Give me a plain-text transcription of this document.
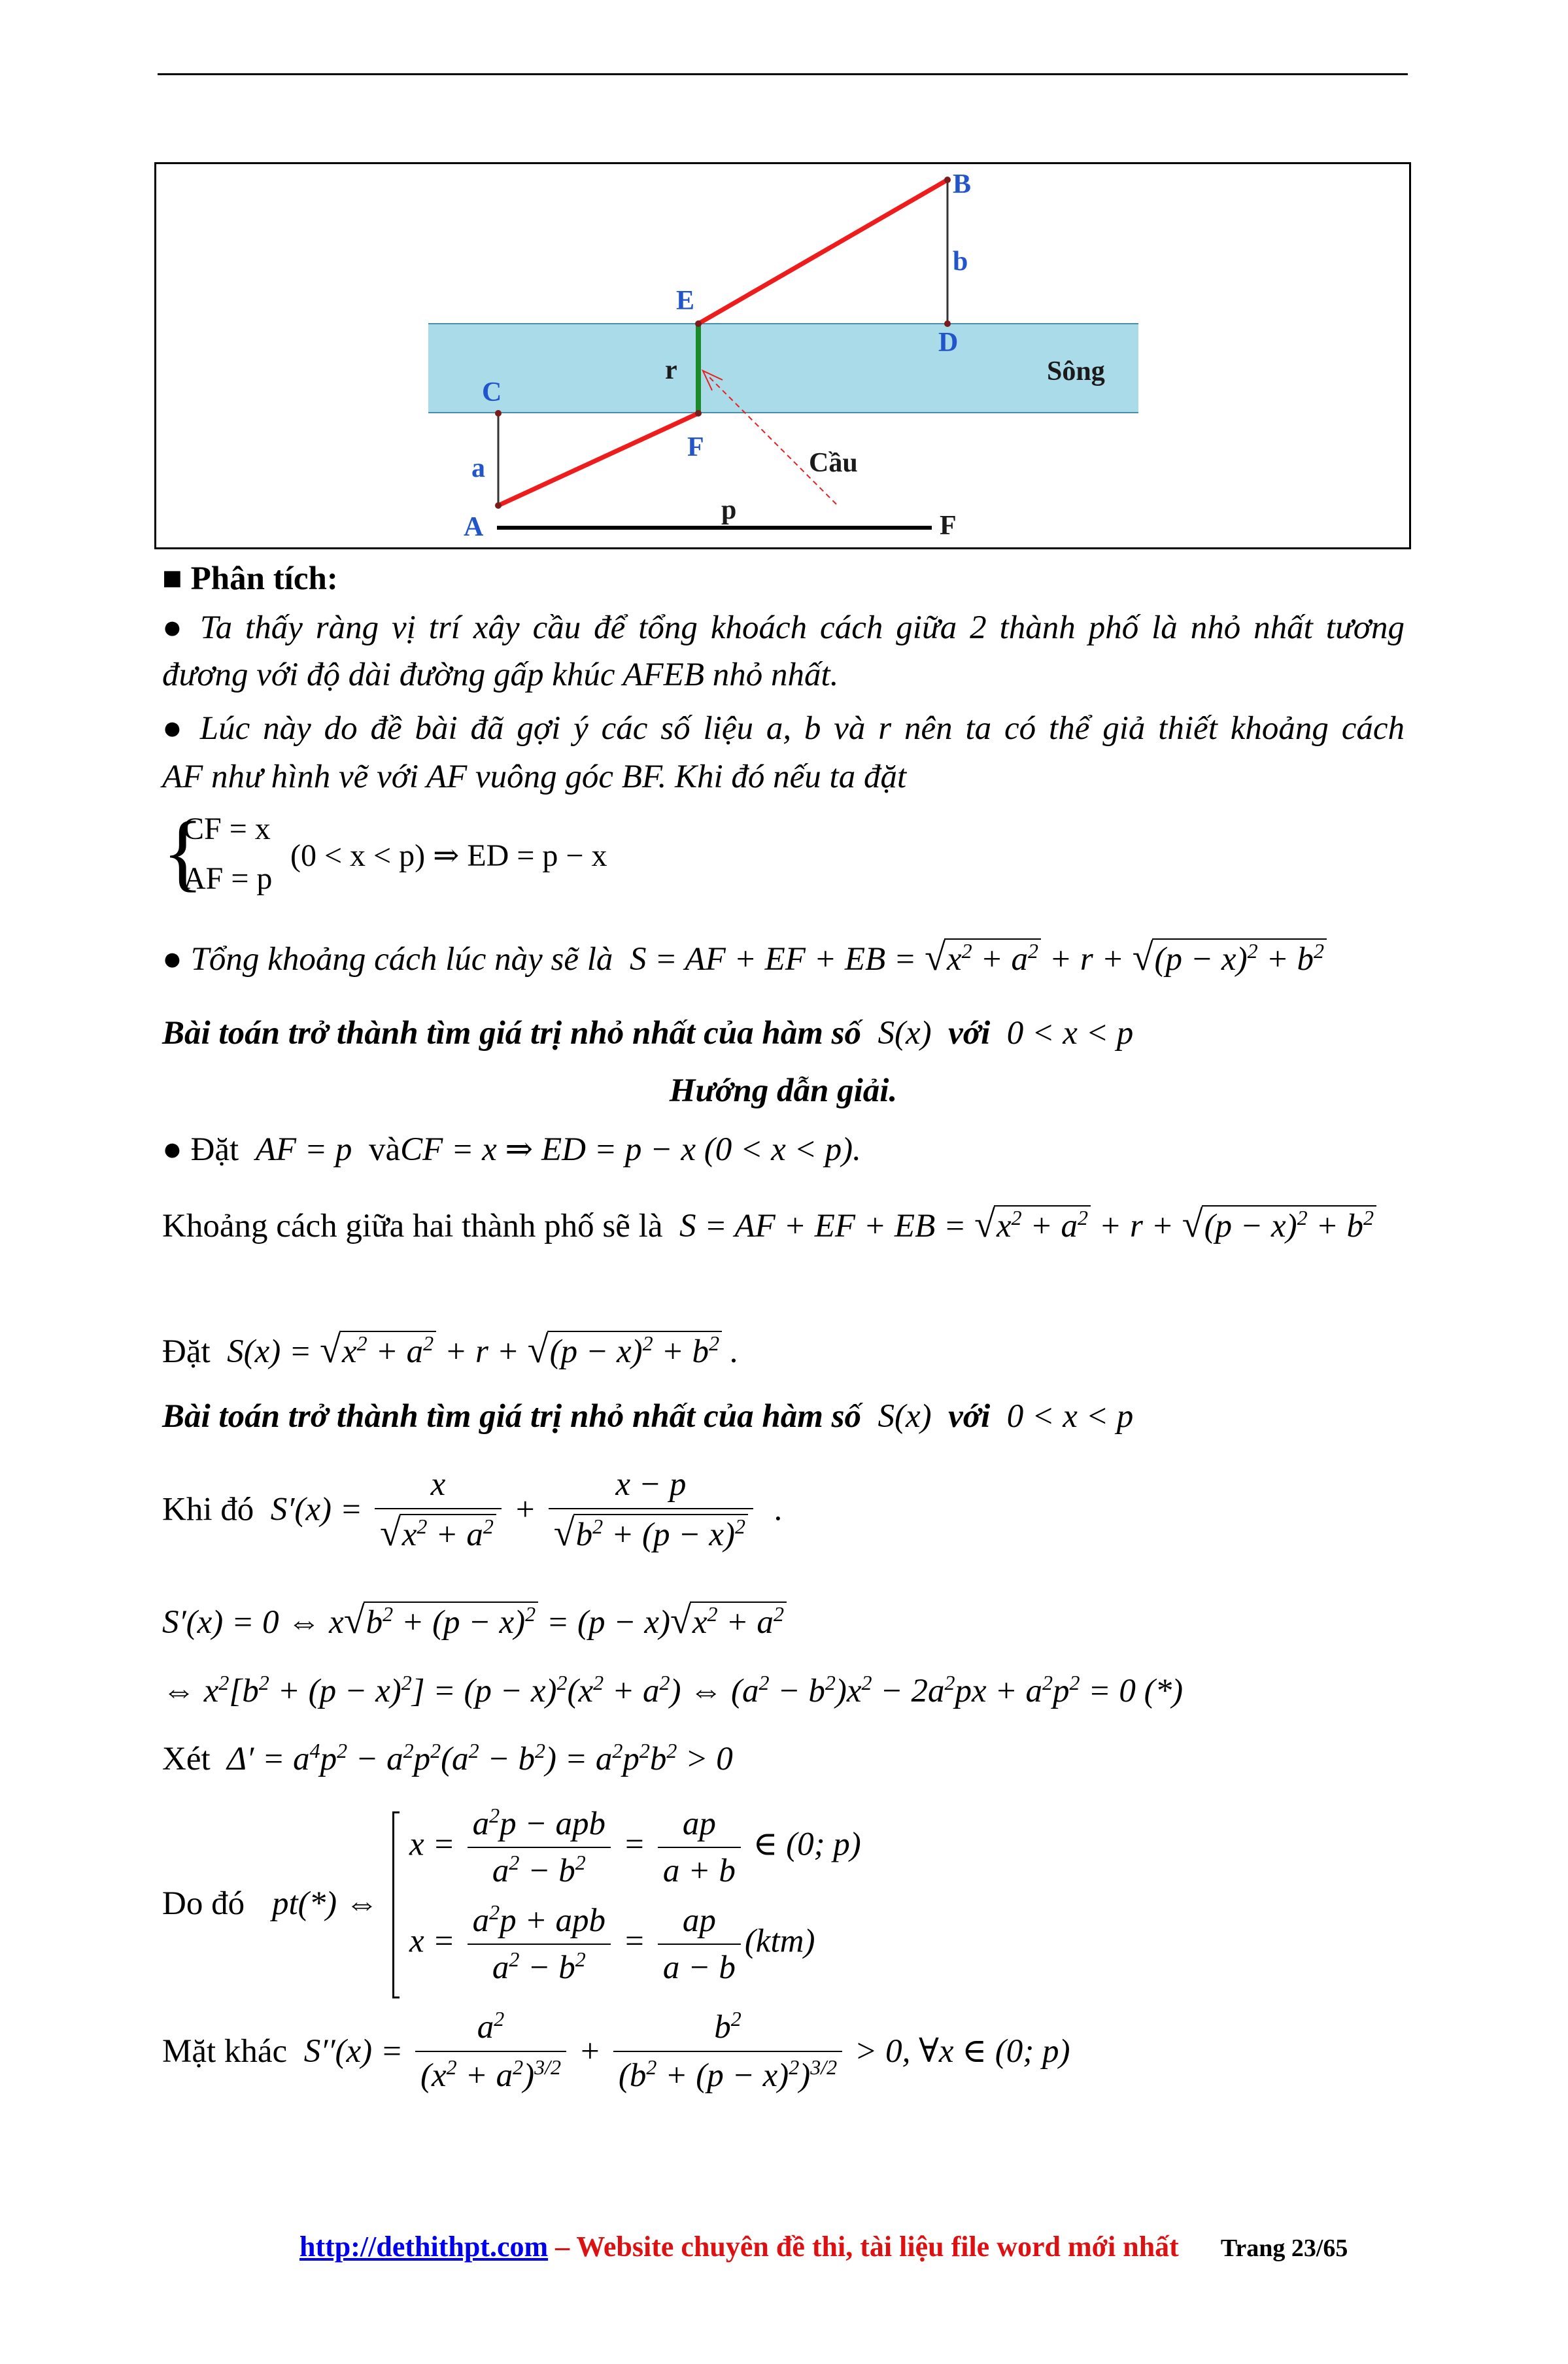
B
b
E
D
Sông
r
C
F
Cầu
a
p
A	F
■ Phân tích:
● Ta thấy ràng vị trí xây cầu để tổng khoách cách giữa 2 thành phố là nhỏ nhất tương
đương với độ dài đường gấp khúc AFEB nhỏ nhất.
● Lúc này do đề bài đã gợi ý các số liệu a, b và r nên ta có thể giả thiết khoảng cách
AF như hình vẽ với AF vuông góc BF. Khi đó nếu ta đặt
{
CF = x
AF = p
(0 < x < p) ⇒ ED = p − x
● Tổng khoảng cách lúc này sẽ là  S = AF + EF + EB = $√x^2 + a^2 + r + √(p - x)^2 + b^2$
Bài toán trở thành tìm giá trị nhỏ nhất của hàm số  S(x)  với  0 < x < p
Hướng dẫn giải.
● Đặt  AF = p  vàCF = x ⇒ ED = p − x (0 < x < p).
Khoảng cách giữa hai thành phố sẽ là  S = AF + EF + EB = $√x^2 + a^2 + r + √(p - x)^2 + b^2$
Đặt  $S(x) = √x^2 + a^2 + r + √(p - x)^2 + b^2$ .
Bài toán trở thành tìm giá trị nhỏ nhất của hàm số  S(x)  với  0 < x < p
Khi đó  $S'(x) = \frac{x}{√x^2 + a^2} + \frac{x - p}{√b^2 + (p - x)^2}$ .
S′(x) = 0 ⇔ $x√b^2 + (p - x)^2 = (p - x)√x^2 + a^2$
⇔ $x^2[b^2 + (p - x)^2] = (p - x)^2(x^2 + a^2)$ ⇔ $(a^2 - b^2)x^2 - 2a^2px + a^2p^2 = 0$ (*)
Xét  $\Delta' = a^4p^2 - a^2p^2(a^2 - b^2) = a^2p^2b^2 > 0$
Do đó pt(*) ⇔
$x = \frac{a^2p - apb}{a^2 - b^2} = \frac{ap}{a + b}$ ∈ (0; p)
$x = \frac{a^2p + apb}{a^2 - b^2} = \frac{ap}{a - b} (ktm)$
Mặt khác  $S''(x) = \frac{a^2}{(x^2 + a^2)^{3/2}} + \frac{b^2}{(b^2 + (p - x)^2)^{3/2}} > 0$, ∀x ∈ (0; p)
http://dethithpt.com – Website chuyên đề thi, tài liệu file word mới nhất Trang 23/65
